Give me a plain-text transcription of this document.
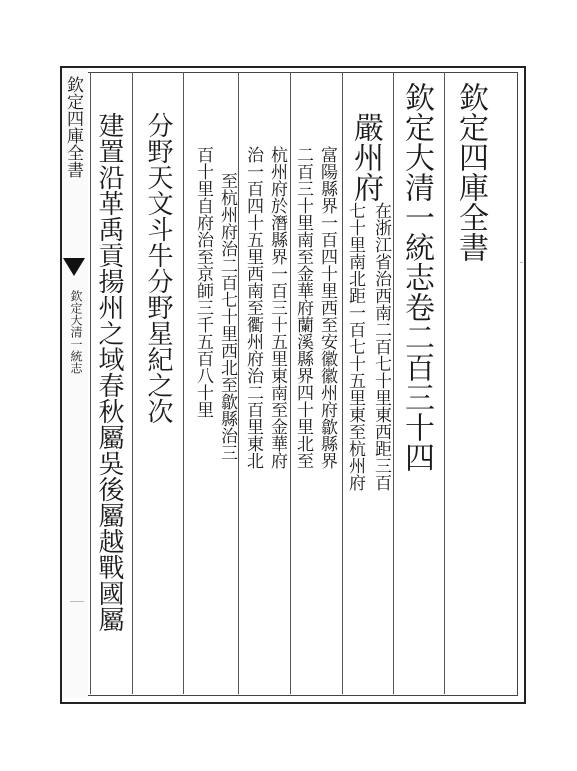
欽定四庫全書
欽定大清一統志
欽定四庫全書
欽定大清一統志卷二百三十四
嚴州府
在浙江省治西南二百七十里東西距三百
七十里南北距一百七十五里東至杭州府
富陽縣界一百四十里西至安徽徽州府歙縣界
二百三十里南至金華府蘭溪縣界四十里北至
杭州府於潛縣界一百三十五里東南至金華府
治一百四十五里西南至衢州府治二百里東北
至杭州府治二百七十里西北至歙縣治三
百十里自府治至京師三千五百八十里
分野天文斗牛分野星紀之次
建置沿革禹貢揚州之域春秋屬吳後屬越戰國屬
